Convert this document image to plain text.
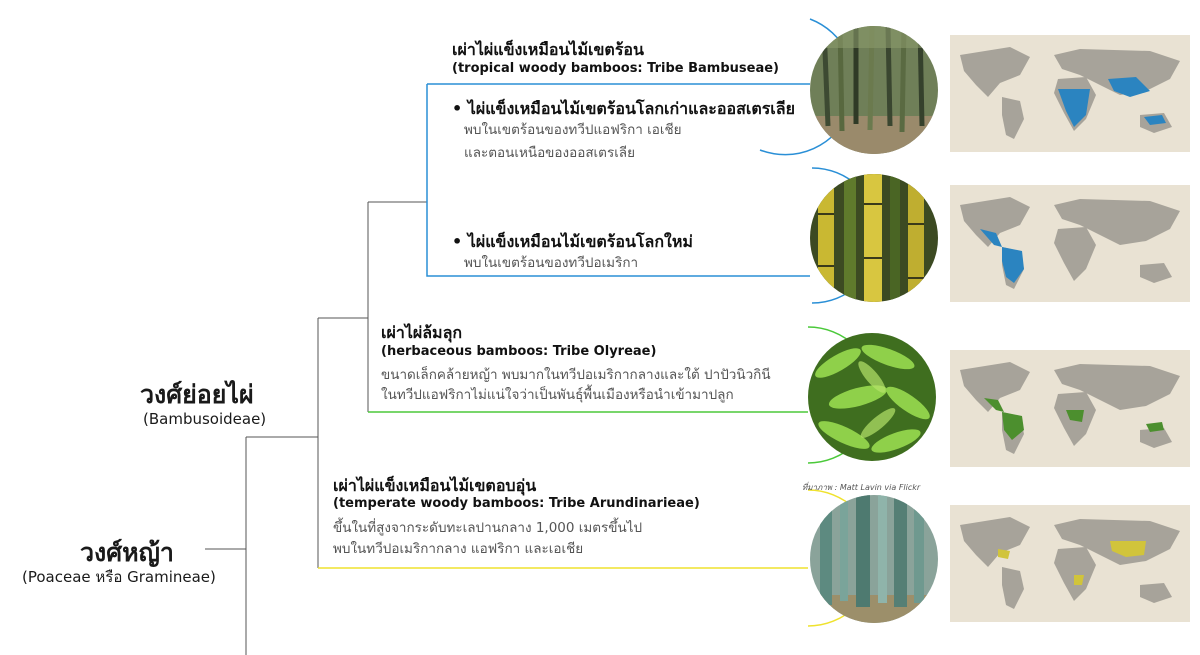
วงศ์หญ้า
(Poaceae หรือ Gramineae)
วงศ์ย่อยไผ่
(Bambusoideae)
เผ่าไผ่แข็งเหมือนไม้เขตร้อน
(tropical woody bamboos: Tribe Bambuseae)
• ไผ่แข็งเหมือนไม้เขตร้อนโลกเก่าและออสเตรเลีย
พบในเขตร้อนของทวีปแอฟริกา เอเชีย
และตอนเหนือของออสเตรเลีย
• ไผ่แข็งเหมือนไม้เขตร้อนโลกใหม่
พบในเขตร้อนของทวีปอเมริกา
เผ่าไผ่ล้มลุก
(herbaceous bamboos: Tribe Olyreae)
ขนาดเล็กคล้ายหญ้า พบมากในทวีปอเมริกากลางและใต้ ปาปัวนิวกินี
ในทวีปแอฟริกาไม่แน่ใจว่าเป็นพันธุ์พื้นเมืองหรือนำเข้ามาปลูก
เผ่าไผ่แข็งเหมือนไม้เขตอบอุ่น
(temperate woody bamboos: Tribe Arundinarieae)
ขึ้นในที่สูงจากระดับทะเลปานกลาง 1,000 เมตรขึ้นไป
พบในทวีปอเมริกากลาง แอฟริกา และเอเชีย
ที่มาภาพ : Matt Lavin via Flickr
